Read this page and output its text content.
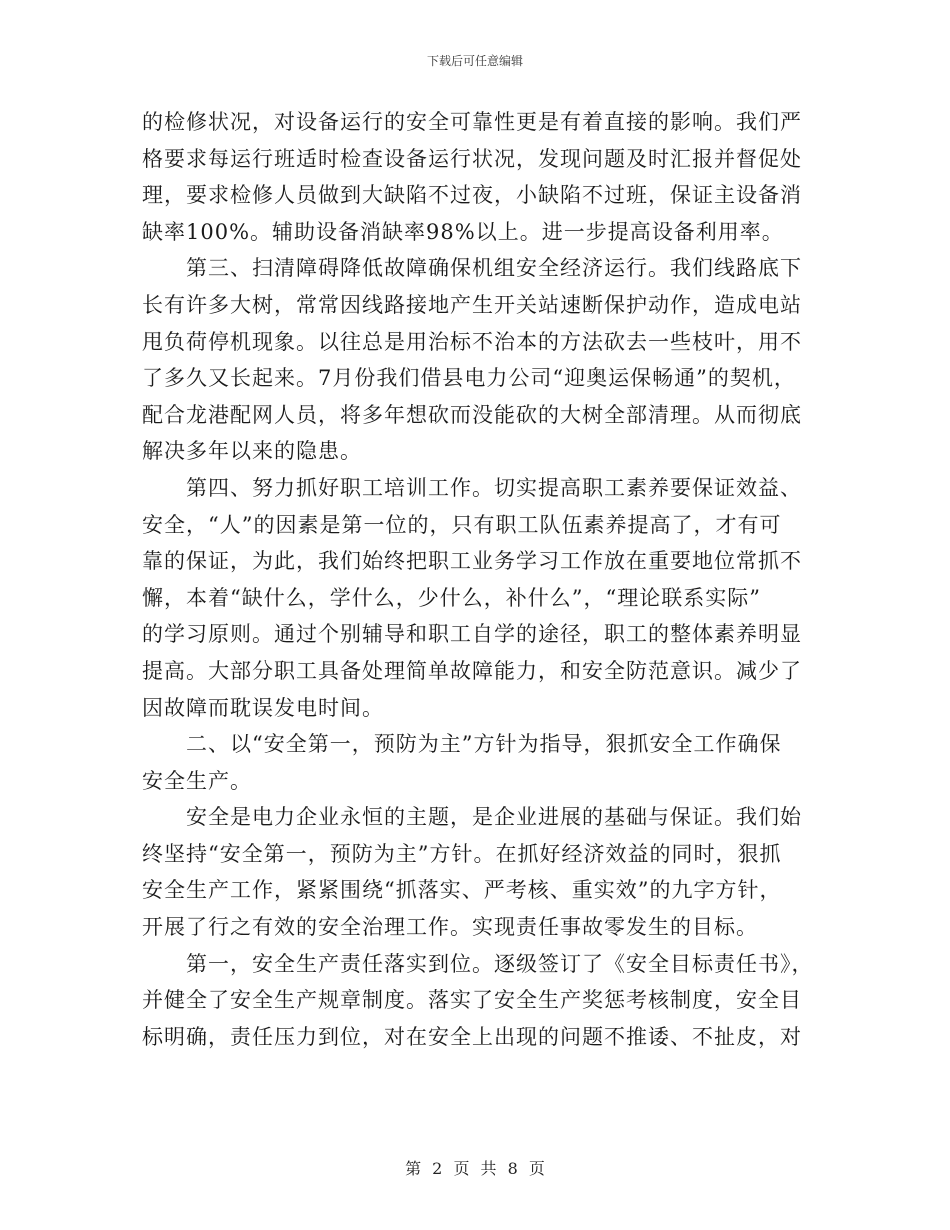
下载后可任意编辑
的检修状况，对设备运行的安全可靠性更是有着直接的影响。我们严
格要求每运行班适时检查设备运行状况，发现问题及时汇报并督促处
理，要求检修人员做到大缺陷不过夜，小缺陷不过班，保证主设备消
缺率100%。辅助设备消缺率98%以上。进一步提高设备利用率。
第三、扫清障碍降低故障确保机组安全经济运行。我们线路底下
长有许多大树，常常因线路接地产生开关站速断保护动作，造成电站
甩负荷停机现象。以往总是用治标不治本的方法砍去一些枝叶，用不
了多久又长起来。7月份我们借县电力公司“迎奥运保畅通”的契机，
配合龙港配网人员，将多年想砍而没能砍的大树全部清理。从而彻底
解决多年以来的隐患。
第四、努力抓好职工培训工作。切实提高职工素养要保证效益、
安全，“人”的因素是第一位的，只有职工队伍素养提高了，才有可
靠的保证，为此，我们始终把职工业务学习工作放在重要地位常抓不
懈，本着“缺什么，学什么，少什么，补什么”，“理论联系实际”
的学习原则。通过个别辅导和职工自学的途径，职工的整体素养明显
提高。大部分职工具备处理简单故障能力，和安全防范意识。减少了
因故障而耽误发电时间。
二、以“安全第一，预防为主”方针为指导，狠抓安全工作确保
安全生产。
安全是电力企业永恒的主题，是企业进展的基础与保证。我们始
终坚持“安全第一，预防为主”方针。在抓好经济效益的同时，狠抓
安全生产工作，紧紧围绕“抓落实、严考核、重实效”的九字方针，
开展了行之有效的安全治理工作。实现责任事故零发生的目标。
第一，安全生产责任落实到位。逐级签订了《安全目标责任书》，
并健全了安全生产规章制度。落实了安全生产奖惩考核制度，安全目
标明确，责任压力到位，对在安全上出现的问题不推诿、不扯皮，对
第 2 页 共 8 页
